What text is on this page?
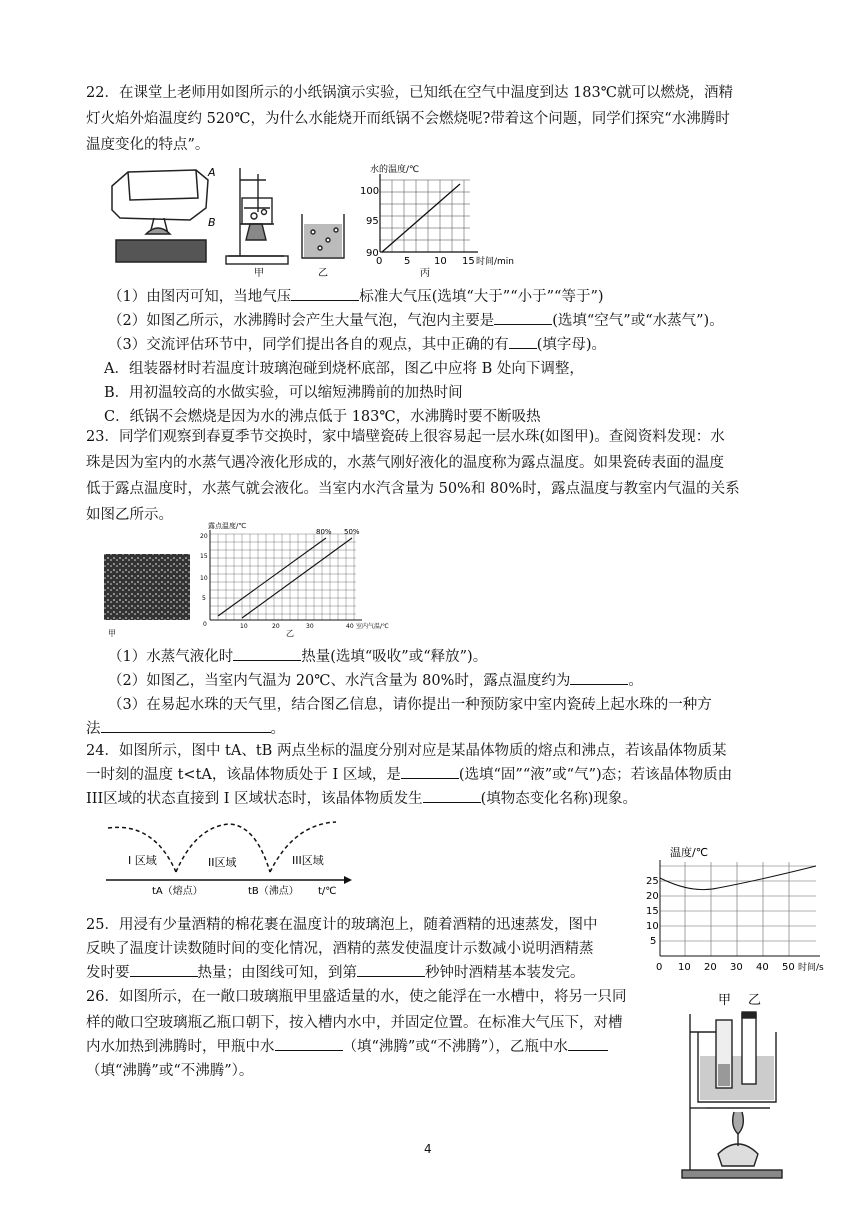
22．在课堂上老师用如图所示的小纸锅演示实验，已知纸在空气中温度到达 183℃就可以燃烧，酒精
灯火焰外焰温度约 520℃，为什么水能烧开而纸锅不会燃烧呢?带着这个问题，同学们探究“水沸腾时
温度变化的特点”。
A
B
甲	乙
水的温度/℃
100
95
90
0 5 10 15 时间/min
丙
（1）由图丙可知，当地气压	标准大气压(选填“大于”“小于”“等于”)
（2）如图乙所示，水沸腾时会产生大量气泡，气泡内主要是	(选填“空气”或“水蒸气”)。
（3）交流评估环节中，同学们提出各自的观点，其中正确的有 (填字母)。
A．组装器材时若温度计玻璃泡碰到烧杯底部，图乙中应将 B 处向下调整，
B．用初温较高的水做实验，可以缩短沸腾前的加热时间
C．纸锅不会燃烧是因为水的沸点低于 183℃，水沸腾时要不断吸热
23．同学们观察到春夏季节交换时，家中墙壁瓷砖上很容易起一层水珠(如图甲)。查阅资料发现：水
珠是因为室内的水蒸气遇冷液化形成的，水蒸气刚好液化的温度称为露点温度。如果瓷砖表面的温度
低于露点温度时，水蒸气就会液化。当室内水汽含量为 50%和 80%时，露点温度与教室内气温的关系
如图乙所示。
甲
露点温度/℃
80% 50%
20
15
10
5
0	10	20	30	40 室内气温/℃
乙
（1）水蒸气液化时	热量(选填“吸收”或“释放”)。
（2）如图乙，当室内气温为 20℃、水汽含量为 80%时，露点温度约为	。
（3）在易起水珠的天气里，结合图乙信息，请你提出一种预防家中室内瓷砖上起水珠的一种方
法	。
24．如图所示，图中 tA、tB 两点坐标的温度分别对应是某晶体物质的熔点和沸点，若该晶体物质某
一时刻的温度 t<tA，该晶体物质处于 I 区域，是	(选填“固”“液”或“气”)态；若该晶体物质由
III区域的状态直接到 I 区域状态时，该晶体物质发生	(填物态变化名称)现象。
I 区域	II区域	III区域
tA（熔点）	tB（沸点） t/℃
25．用浸有少量酒精的棉花裹在温度计的玻璃泡上，随着酒精的迅速蒸发，图中
反映了温度计读数随时间的变化情况，酒精的蒸发使温度计示数减小说明酒精蒸
发时要	热量；由图线可知，到第	秒钟时酒精基本装发完。
温度/℃
25
20
15
10
5
0 10 20 30 40 50 时间/s
26．如图所示，在一敞口玻璃瓶甲里盛适量的水，使之能浮在一水槽中，将另一只同
样的敞口空玻璃瓶乙瓶口朝下，按入槽内水中，并固定位置。在标准大气压下，对槽
内水加热到沸腾时，甲瓶中水	（填“沸腾”或“不沸腾”），乙瓶中水
（填“沸腾”或“不沸腾”）。
甲 乙
4
